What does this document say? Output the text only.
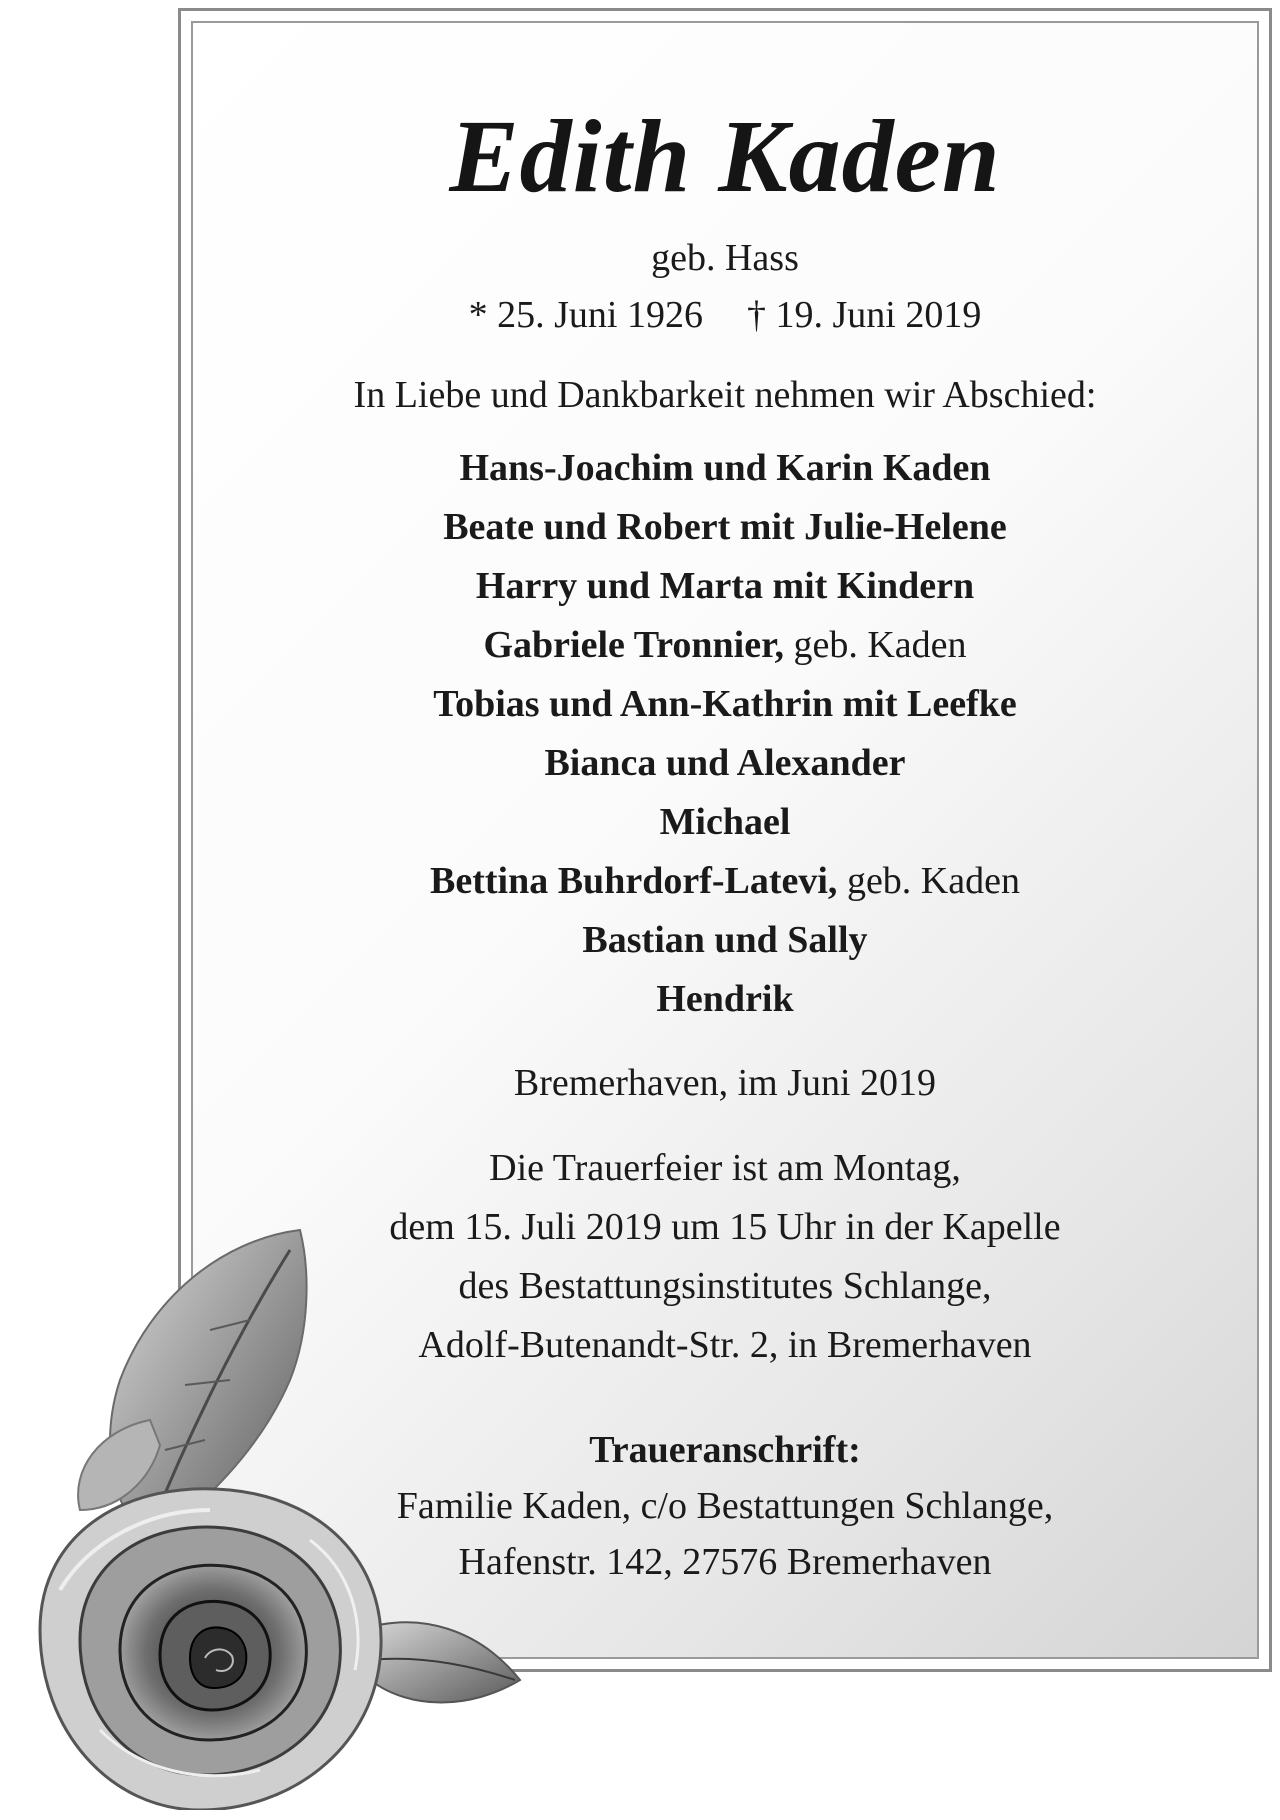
Edith Kaden
geb. Hass
* 25. Juni 1926 † 19. Juni 2019
In Liebe und Dankbarkeit nehmen wir Abschied:
Hans-Joachim und Karin Kaden
Beate und Robert mit Julie-Helene
Harry und Marta mit Kindern
Gabriele Tronnier, geb. Kaden
Tobias und Ann-Kathrin mit Leefke
Bianca und Alexander
Michael
Bettina Buhrdorf-Latevi, geb. Kaden
Bastian und Sally
Hendrik
Bremerhaven, im Juni 2019
Die Trauerfeier ist am Montag,
dem 15. Juli 2019 um 15 Uhr in der Kapelle
des Bestattungsinstitutes Schlange,
Adolf-Butenandt-Str. 2, in Bremerhaven
Traueranschrift:
Familie Kaden, c/o Bestattungen Schlange,
Hafenstr. 142, 27576 Bremerhaven
